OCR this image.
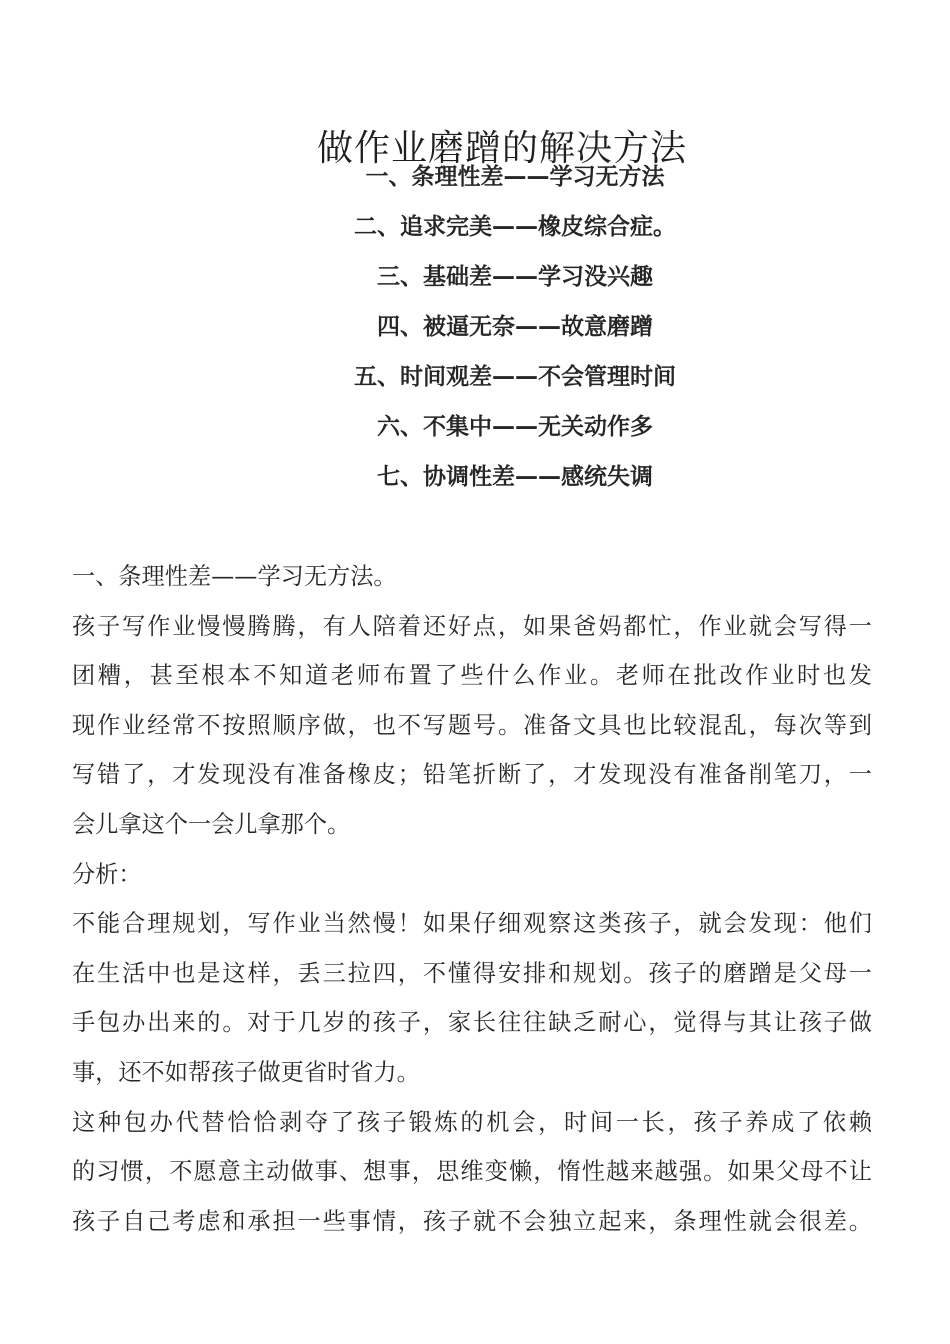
做作业磨蹭的解决方法
一、条理性差——学习无方法
二、追求完美——橡皮综合症。
三、基础差——学习没兴趣
四、被逼无奈——故意磨蹭
五、时间观差——不会管理时间
六、不集中——无关动作多
七、协调性差——感统失调

一、条理性差——学习无方法。

孩子写作业慢慢腾腾，有人陪着还好点，如果爸妈都忙，作业就会写得一
团糟，甚至根本不知道老师布置了些什么作业。老师在批改作业时也发
现作业经常不按照顺序做，也不写题号。准备文具也比较混乱，每次等到
写错了，才发现没有准备橡皮；铅笔折断了，才发现没有准备削笔刀，一
会儿拿这个一会儿拿那个。

分析：

不能合理规划，写作业当然慢！如果仔细观察这类孩子，就会发现：他们
在生活中也是这样，丢三拉四，不懂得安排和规划。孩子的磨蹭是父母一
手包办出来的。对于几岁的孩子，家长往往缺乏耐心，觉得与其让孩子做
事，还不如帮孩子做更省时省力。
这种包办代替恰恰剥夺了孩子锻炼的机会，时间一长，孩子养成了依赖
的习惯，不愿意主动做事、想事，思维变懒，惰性越来越强。如果父母不让
孩子自己考虑和承担一些事情，孩子就不会独立起来，条理性就会很差。
